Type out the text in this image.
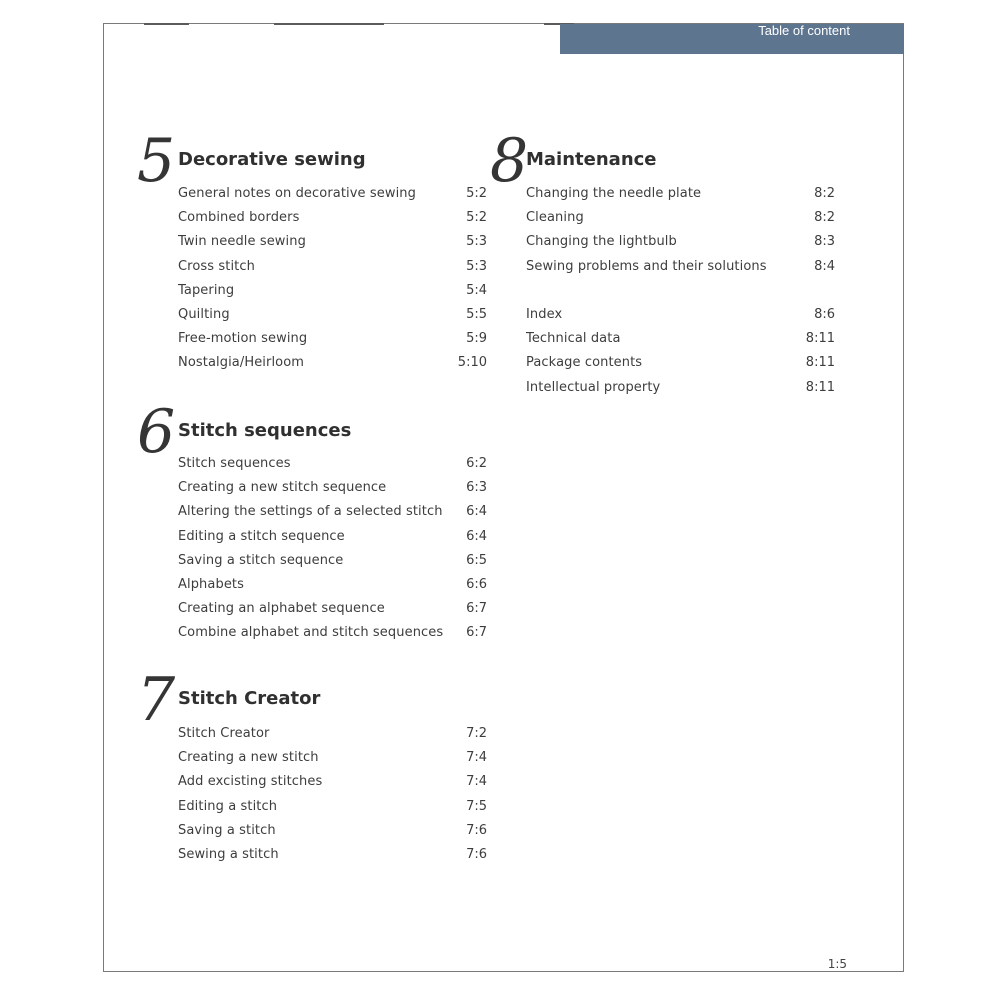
Table of content
5 Decorative sewing
General notes on decorative sewing	5:2
Combined borders	5:2
Twin needle sewing	5:3
Cross stitch	5:3
Tapering	5:4
Quilting	5:5
Free-motion sewing	5:9
Nostalgia/Heirloom	5:10
6 Stitch sequences
Stitch sequences	6:2
Creating a new stitch sequence	6:3
Altering the settings of a selected stitch 6:4
Editing a stitch sequence	6:4
Saving a stitch sequence	6:5
Alphabets	6:6
Creating an alphabet sequence	6:7
Combine alphabet and stitch sequences 6:7
7 Stitch Creator
Stitch Creator	7:2
Creating a new stitch	7:4
Add excisting stitches	7:4
Editing a stitch	7:5
Saving a stitch	7:6
Sewing a stitch	7:6
8
Maintenance
Changing the needle plate	8:2
Cleaning	8:2
Changing the lightbulb	8:3
Sewing problems and their solutions	8:4
Index	8:6
Technical data	8:11
Package contents	8:11
Intellectual property	8:11
1:5
